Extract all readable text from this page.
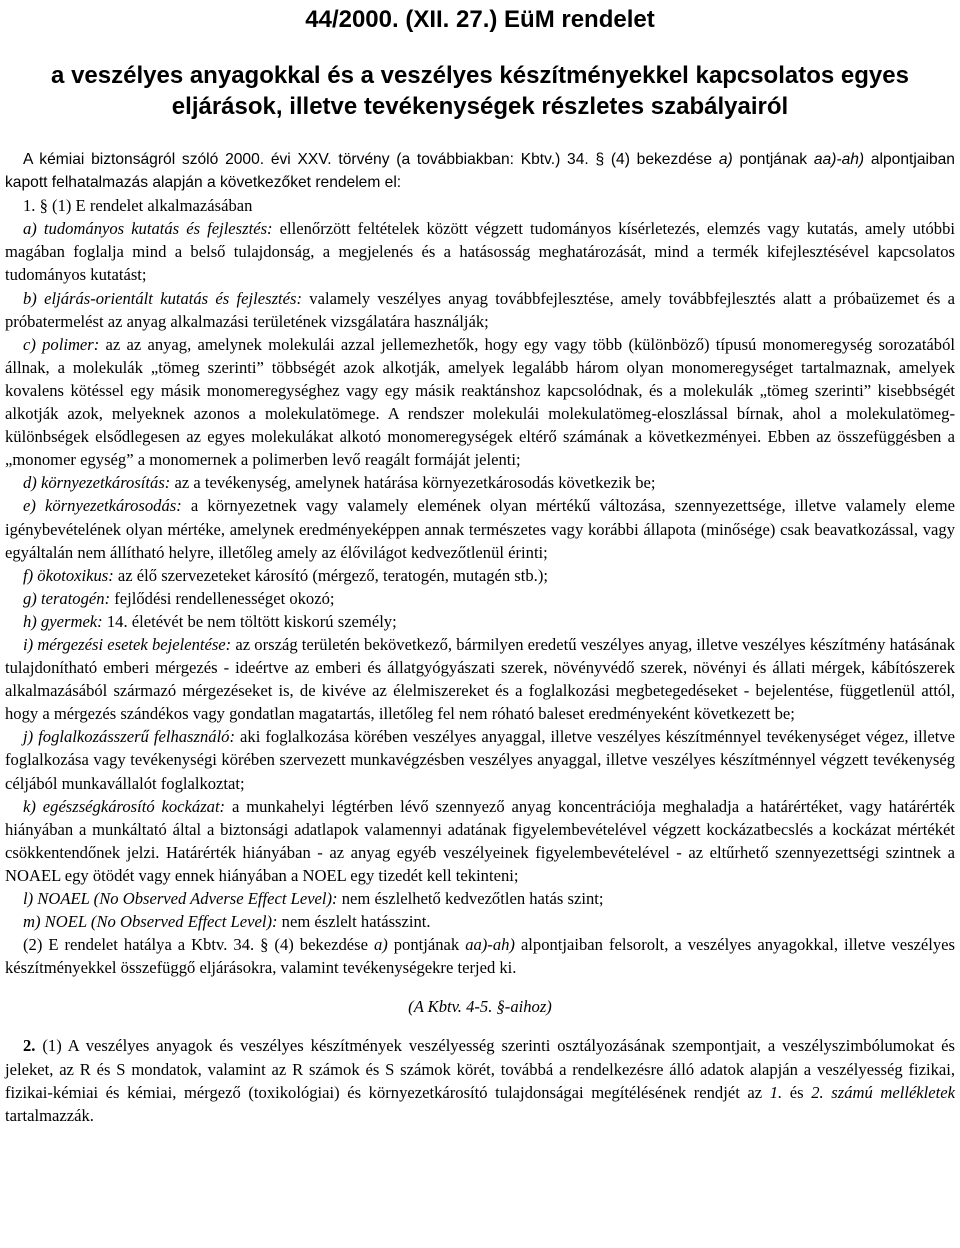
44/2000. (XII. 27.) EüM rendelet
a veszélyes anyagokkal és a veszélyes készítményekkel kapcsolatos egyes eljárások, illetve tevékenységek részletes szabályairól

A kémiai biztonságról szóló 2000. évi XXV. törvény (a továbbiakban: Kbtv.) 34. § (4) bekezdése a) pontjának aa)-ah) alpontjaiban kapott felhatalmazás alapján a következőket rendelem el:

1. § (1) E rendelet alkalmazásában

a) tudományos kutatás és fejlesztés: ellenőrzött feltételek között végzett tudományos kísérletezés, elemzés vagy kutatás, amely utóbbi magában foglalja mind a belső tulajdonság, a megjelenés és a hatásosság meghatározását, mind a termék kifejlesztésével kapcsolatos tudományos kutatást;

b) eljárás-orientált kutatás és fejlesztés: valamely veszélyes anyag továbbfejlesztése, amely továbbfejlesztés alatt a próbaüzemet és a próbatermelést az anyag alkalmazási területének vizsgálatára használják;

c) polimer: az az anyag, amelynek molekulái azzal jellemezhetők, hogy egy vagy több (különböző) típusú monomeregység sorozatából állnak, a molekulák „tömeg szerinti” többségét azok alkotják, amelyek legalább három olyan monomeregységet tartalmaznak, amelyek kovalens kötéssel egy másik monomeregységhez vagy egy másik reaktánshoz kapcsolódnak, és a molekulák „tömeg szerinti” kisebbségét alkotják azok, melyeknek azonos a molekulatömege. A rendszer molekulái molekulatömeg-eloszlással bírnak, ahol a molekulatömeg-különbségek elsődlegesen az egyes molekulákat alkotó monomeregységek eltérő számának a következményei. Ebben az összefüggésben a „monomer egység” a monomernek a polimerben levő reagált formáját jelenti;

d) környezetkárosítás: az a tevékenység, amelynek határása környezetkárosodás következik be;

e) környezetkárosodás: a környezetnek vagy valamely elemének olyan mértékű változása, szennyezettsége, illetve valamely eleme igénybevételének olyan mértéke, amelynek eredményeképpen annak természetes vagy korábbi állapota (minősége) csak beavatkozással, vagy egyáltalán nem állítható helyre, illetőleg amely az élővilágot kedvezőtlenül érinti;

f) ökotoxikus: az élő szervezeteket károsító (mérgező, teratogén, mutagén stb.);

g) teratogén: fejlődési rendellenességet okozó;

h) gyermek: 14. életévét be nem töltött kiskorú személy;

i) mérgezési esetek bejelentése: az ország területén bekövetkező, bármilyen eredetű veszélyes anyag, illetve veszélyes készítmény hatásának tulajdonítható emberi mérgezés - ideértve az emberi és állatgyógyászati szerek, növényvédő szerek, növényi és állati mérgek, kábítószerek alkalmazásából származó mérgezéseket is, de kivéve az élelmiszereket és a foglalkozási megbetegedéseket - bejelentése, függetlenül attól, hogy a mérgezés szándékos vagy gondatlan magatartás, illetőleg fel nem róható baleset eredményeként következett be;

j) foglalkozásszerű felhasználó: aki foglalkozása körében veszélyes anyaggal, illetve veszélyes készítménnyel tevékenységet végez, illetve foglalkozása vagy tevékenységi körében szervezett munkavégzésben veszélyes anyaggal, illetve veszélyes készítménnyel végzett tevékenység céljából munkavállalót foglalkoztat;

k) egészségkárosító kockázat: a munkahelyi légtérben lévő szennyező anyag koncentrációja meghaladja a határértéket, vagy határérték hiányában a munkáltató által a biztonsági adatlapok valamennyi adatának figyelembevételével végzett kockázatbecslés a kockázat mértékét csökkentendőnek jelzi. Határérték hiányában - az anyag egyéb veszélyeinek figyelembevételével - az eltűrhető szennyezettségi szintnek a NOAEL egy ötödét vagy ennek hiányában a NOEL egy tizedét kell tekinteni;

l) NOAEL (No Observed Adverse Effect Level): nem észlelhető kedvezőtlen hatás szint;

m) NOEL (No Observed Effect Level): nem észlelt hatásszint.

(2) E rendelet hatálya a Kbtv. 34. § (4) bekezdése a) pontjának aa)-ah) alpontjaiban felsorolt, a veszélyes anyagokkal, illetve veszélyes készítményekkel összefüggő eljárásokra, valamint tevékenységekre terjed ki.

(A Kbtv. 4-5. §-aihoz)

2. (1) A veszélyes anyagok és veszélyes készítmények veszélyesség szerinti osztályozásának szempontjait, a veszélyszimbólumokat és jeleket, az R és S mondatok, valamint az R számok és S számok körét, továbbá a rendelkezésre álló adatok alapján a veszélyesség fizikai, fizikai-kémiai és kémiai, mérgező (toxikológiai) és környezetkárosító tulajdonságai megítélésének rendjét az 1. és 2. számú mellékletek tartalmazzák.
